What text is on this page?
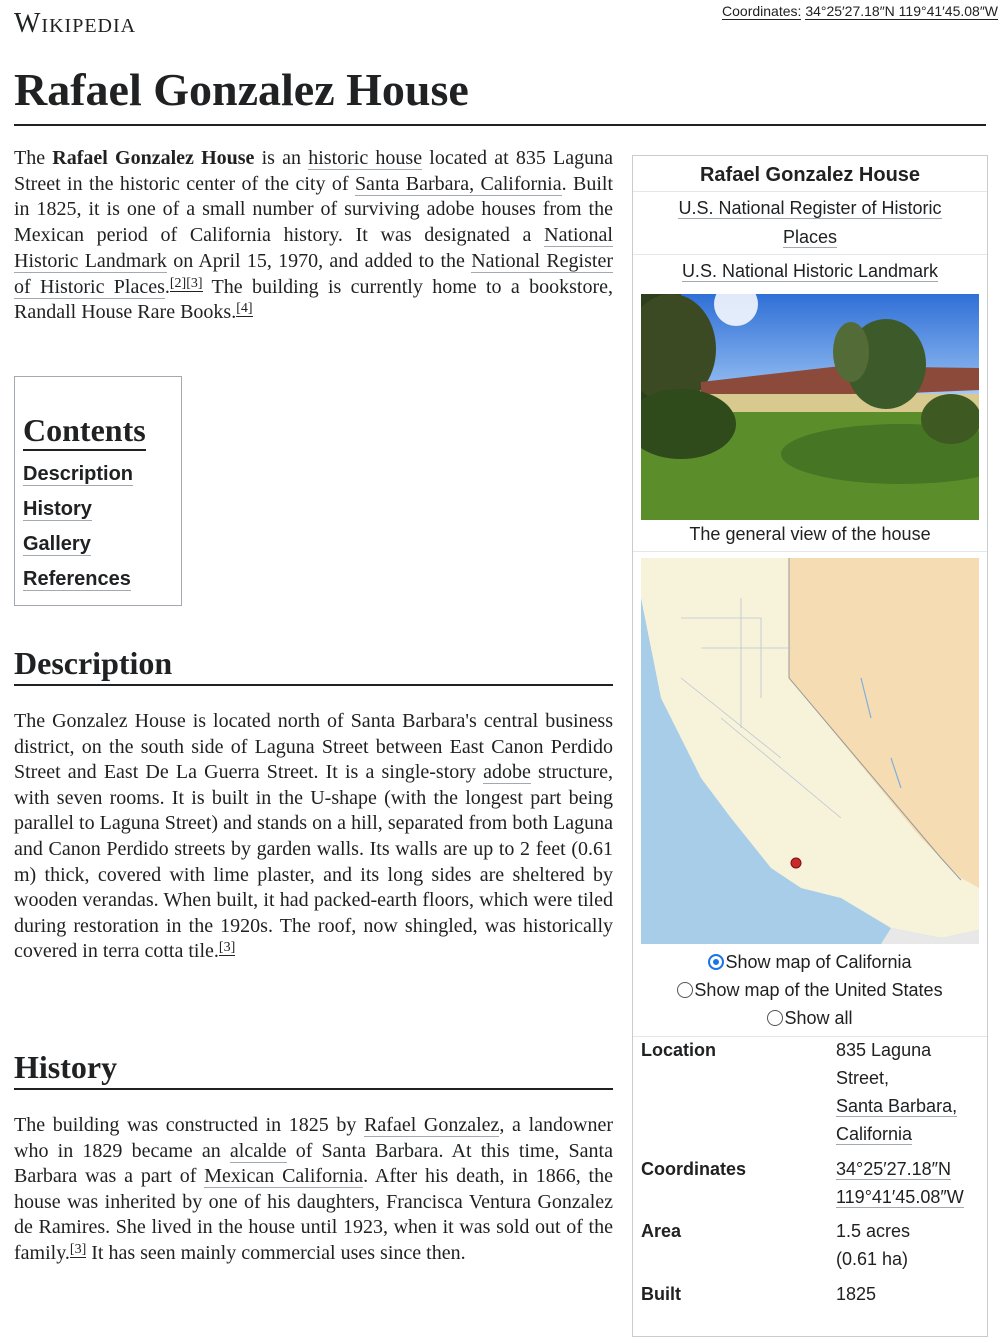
Wikipedia	Coordinates: 34°25′27.18″N 119°41′45.08″W
Rafael Gonzalez House

The Rafael Gonzalez House is an historic house located at 835 Laguna Street in the historic center of the city of Santa Barbara, California. Built in 1825, it is one of a small number of surviving adobe houses from the Mexican period of California history. It was designated a National Historic Landmark on April 15, 1970, and added to the National Register of Historic Places.[2][3] The building is currently home to a bookstore, Randall House Rare Books.[4]

Contents
Description
History
Gallery
References
Description

The Gonzalez House is located north of Santa Barbara's central business district, on the south side of Laguna Street between East Canon Perdido Street and East De La Guerra Street. It is a single-story adobe structure, with seven rooms. It is built in the U-shape (with the longest part being parallel to Laguna Street) and stands on a hill, separated from both Laguna and Canon Perdido streets by garden walls. Its walls are up to 2 feet (0.61 m) thick, covered with lime plaster, and its long sides are sheltered by wooden verandas. When built, it had packed-earth floors, which were tiled during restoration in the 1920s. The roof, now shingled, was historically covered in terra cotta tile.[3]

History

The building was constructed in 1825 by Rafael Gonzalez, a landowner who in 1829 became an alcalde of Santa Barbara. At this time, Santa Barbara was a part of Mexican California. After his death, in 1866, the house was inherited by one of his daughters, Francisca Ventura Gonzalez de Ramires. She lived in the house until 1923, when it was sold out of the family.[3] It has seen mainly commercial uses since then.

Rafael Gonzalez House
U.S. National Register of Historic Places
U.S. National Historic Landmark
The general view of the house
Show map of California
Show map of the United States
Show all
Location	835 Laguna Street,
Santa Barbara, California
Coordinates	34°25′27.18″N 119°41′45.08″W
Area	1.5 acres (0.61 ha)
Built	1825
